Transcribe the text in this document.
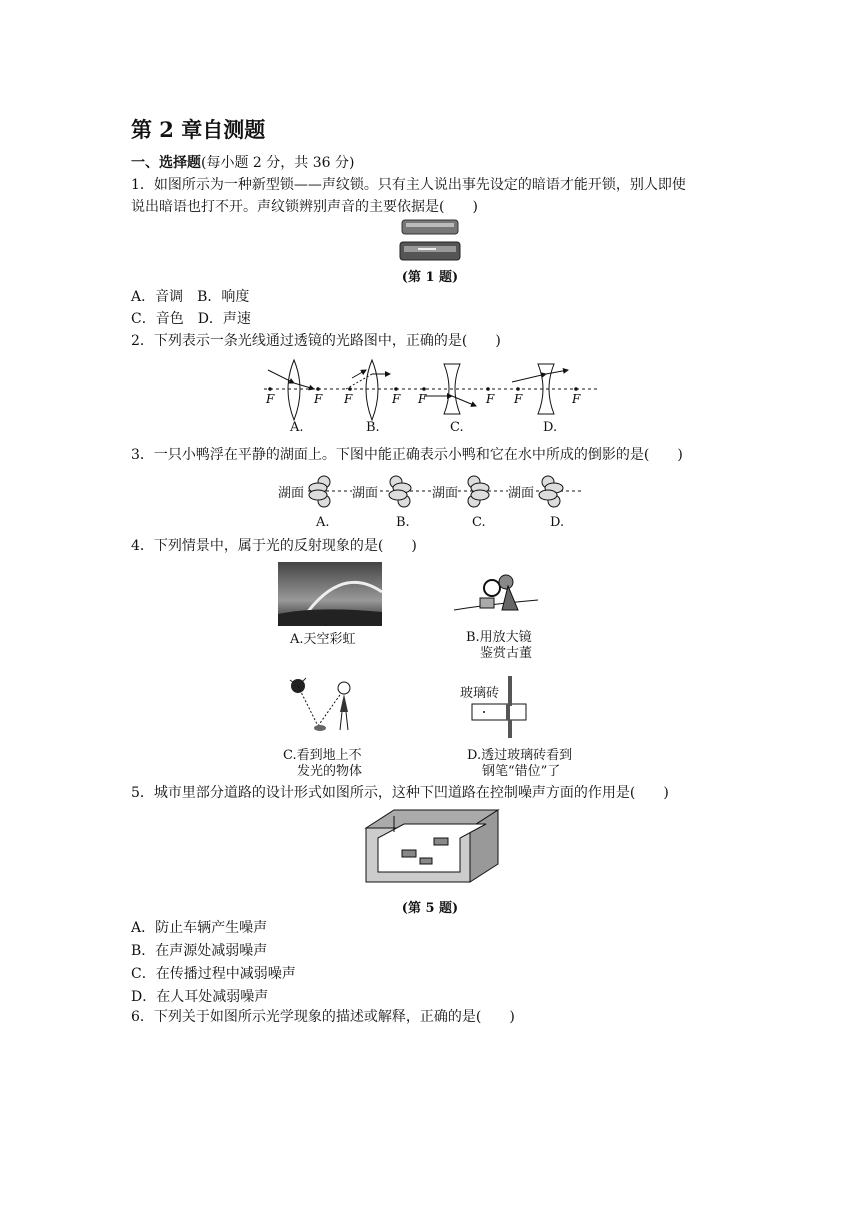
第 2 章自测题
一、选择题(每小题 2 分，共 36 分)
1．如图所示为一种新型锁——声纹锁。只有主人说出事先设定的暗语才能开锁，别人即使
说出暗语也打不开。声纹锁辨别声音的主要依据是(　　)
(第 1 题)
A．音调　B．响度
C．音色　D．声速
2．下列表示一条光线通过透镜的光路图中，正确的是(　　)
F	F F	F F	F F	F
A.	B.	C.	D.
3．一只小鸭浮在平静的湖面上。下图中能正确表示小鸭和它在水中所成的倒影的是(　　)
湖面	湖面	湖面	湖面
A.	B.	C.	D.
4．下列情景中，属于光的反射现象的是(　　)
A.天空彩虹	B.用放大镜
鉴赏古董
C.看到地上不
发光的物体
玻璃砖
D.透过玻璃砖看到
钢笔“错位”了
5．城市里部分道路的设计形式如图所示，这种下凹道路在控制噪声方面的作用是(　　)
(第 5 题)
A．防止车辆产生噪声
B．在声源处减弱噪声
C．在传播过程中减弱噪声
D．在人耳处减弱噪声
6．下列关于如图所示光学现象的描述或解释，正确的是(　　)
